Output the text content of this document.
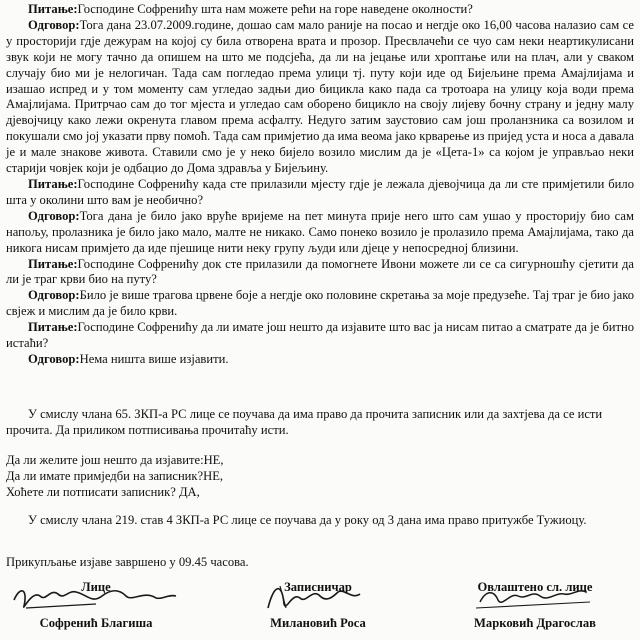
Питање:Господине Софренићу шта нам можете рећи на горе наведене околности?

Одговор:Тога дана 23.07.2009.године, дошао сам мало раније на посао и негдје око 16,00 часова налазио сам се у просторији гдје дежурам на којој су била отворена врата и прозор. Пресвлачећи се чуо сам неки неартикулисани звук који не могу тачно да опишем на што ме подсјећа, да ли на јецање или хроптање или на плач, али у сваком случају био ми је нелогичан. Тада сам погледао према улици тј. путу који иде од Бијељине према Амајлијама и изашао испред и у том моменту сам угледао задњи дио бицикла како пада са тротоара на улицу која води према Амајлијама. Притрчао сам до тог мјеста и угледао сам оборено бицикло на своју лијеву бочну страну и једну малу дјевојчицу како лежи окренута главом према асфалту. Недуго затим заустовио сам још проланзника са возилом и покушали смо јој указати прву помоћ. Тада сам примјетио да има веома јако крварење из пријед уста и носа а давала је и мале знакове живота. Ставили смо је у неко бијело возило мислим да је «Цета-1» са којом је управљао неки старији човјек који је одбацио до Дома здравља у Бијељину.

Питање:Господине Софренићу када сте прилазили мјесту гдје је лежала дјевојчица да ли сте примјетили било шта у околини што вам је необично?

Одговор:Тога дана је било јако вруће вријеме на пет минута прије него што сам ушао у просторију био сам напољу, пролазника је било јако мало, малте не никако. Само понеко возило је пролазило према Амајлијама, тако да никога нисам примјето да иде пјешице нити неку групу људи или дјеце у непосредној близини.

Питање:Господине Софренићу док сте прилазили да помогнете Ивони можете ли се са сигурношћу сјетити да ли је траг крви био на путу?

Одговор:Било је више трагова црвене боје а негдје око половине скретања за моје предузеће. Тај траг је био јако свјеж и мислим да је било крви.

Питање:Господине Софренићу да ли имате још нешто да изјавите што вас ја нисам питао а сматрате да је битно истаћи?

Одговор:Нема ништа више изјавити.

У смислу члана 65. ЗКП-а РС лице се поучава да има право да прочита записник или да захтјева да се исти прочита. Да приликом потписивања прочитаћу исти.

Да ли желите још нешто да изјавите:НЕ,

Да ли имате примједби на записник?НЕ,

Хоћете ли потписати записник? ДА,

У смислу члана 219. став 4 ЗКП-а РС лице се поучава да у року од 3 дана има право притужбе Тужиоцу.

Прикупљање изјаве завршено у 09.45 часова.

Лице
Софренић Благиша
Записничар
Милановић Роса
Овлаштено сл. лице
Марковић Драгослав
